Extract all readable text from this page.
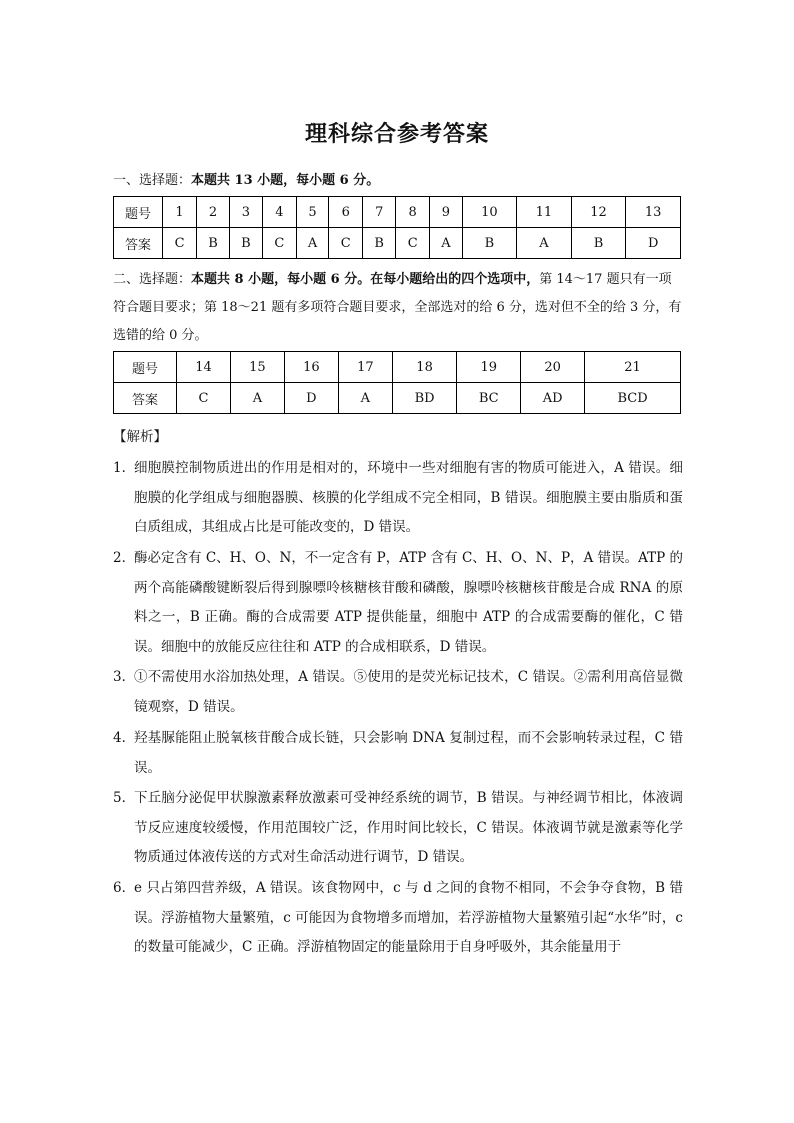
理科综合参考答案
一、选择题：本题共 13 小题，每小题 6 分。
题号	1	2	3	4	5	6	7	8	9	10	11	12	13
答案	C	B	B	C	A	C	B	C	A	B	A	B	D
二、选择题：本题共 8 小题，每小题 6 分。在每小题给出的四个选项中，第 14～17 题只有一项符合题目要求；第 18～21 题有多项符合题目要求，全部选对的给 6 分，选对但不全的给 3 分，有选错的给 0 分。
题号	14	15	16	17	18	19	20	21
答案	C	A	D	A	BD	BC	AD	BCD
【解析】
1．
细胞膜控制物质进出的作用是相对的，环境中一些对细胞有害的物质可能进入，A 错误。细胞膜的化学组成与细胞器膜、核膜的化学组成不完全相同，B 错误。细胞膜主要由脂质和蛋白质组成，其组成占比是可能改变的，D 错误。
2．
酶必定含有 C、H、O、N，不一定含有 P，ATP 含有 C、H、O、N、P，A 错误。ATP 的两个高能磷酸键断裂后得到腺嘌呤核糖核苷酸和磷酸，腺嘌呤核糖核苷酸是合成 RNA 的原料之一，B 正确。酶的合成需要 ATP 提供能量，细胞中 ATP 的合成需要酶的催化，C 错误。细胞中的放能反应往往和 ATP 的合成相联系，D 错误。
3．
①不需使用水浴加热处理，A 错误。⑤使用的是荧光标记技术，C 错误。②需利用高倍显微镜观察，D 错误。
4．
羟基脲能阻止脱氧核苷酸合成长链，只会影响 DNA 复制过程，而不会影响转录过程，C 错误。
5．
下丘脑分泌促甲状腺激素释放激素可受神经系统的调节，B 错误。与神经调节相比，体液调节反应速度较缓慢，作用范围较广泛，作用时间比较长，C 错误。体液调节就是激素等化学物质通过体液传送的方式对生命活动进行调节，D 错误。
6．
e 只占第四营养级，A 错误。该食物网中，c 与 d 之间的食物不相同，不会争夺食物，B 错误。浮游植物大量繁殖，c 可能因为食物增多而增加，若浮游植物大量繁殖引起“水华”时，c 的数量可能减少，C 正确。浮游植物固定的能量除用于自身呼吸外，其余能量用于
